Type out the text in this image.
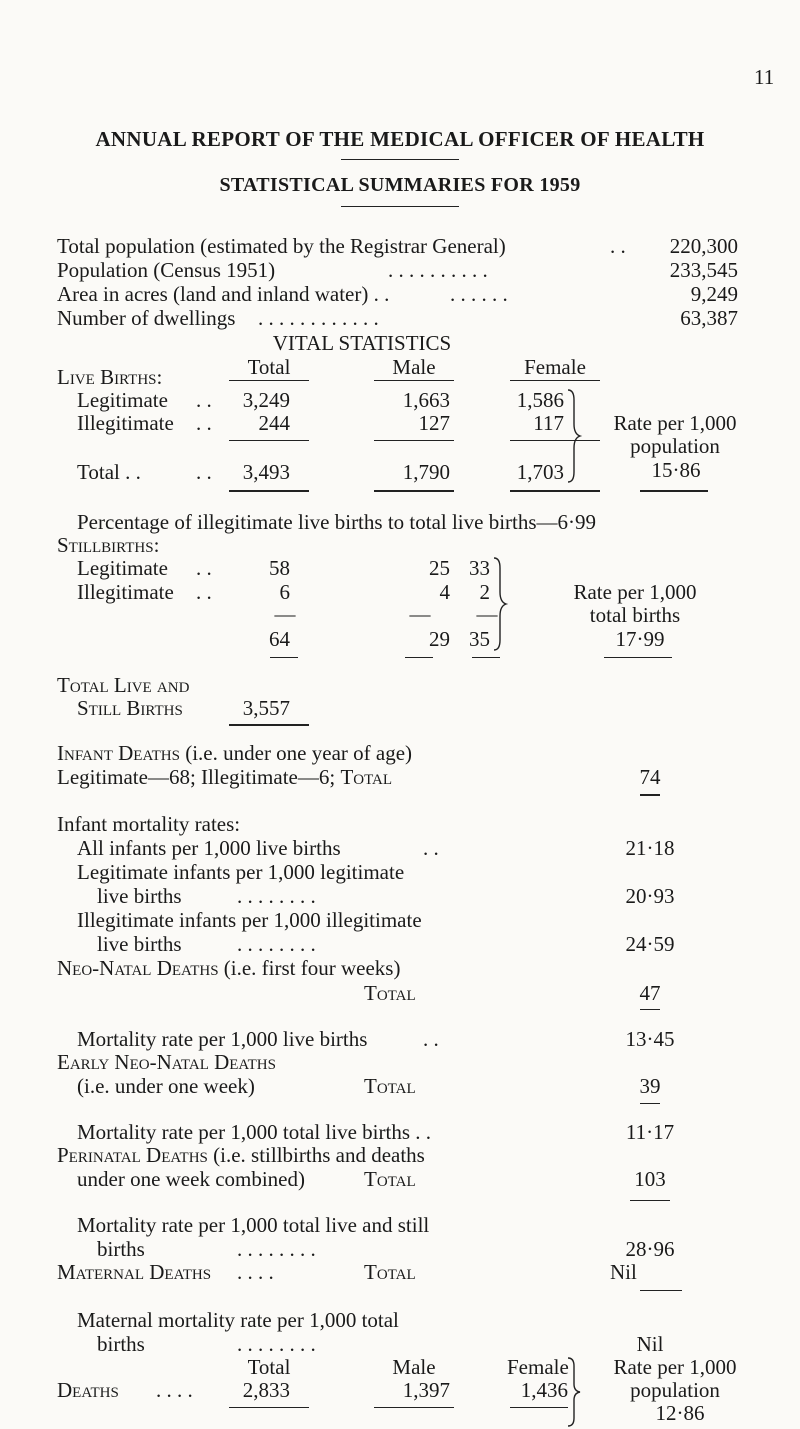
11
ANNUAL REPORT OF THE MEDICAL OFFICER OF HEALTH
STATISTICAL SUMMARIES FOR 1959
Total population (estimated by the Registrar General)	. . 220,300
Population (Census 1951)	. . . . . . . . . .	233,545
Area in acres (land and inland water) . .	. . . . . .	9,249
Number of dwellings . . . . . . . . . . . .	63,387
VITAL STATISTICS
Total	Male	Female
Live Births:
Legitimate . . 3,249	1,663	1,586
Illegitimate . . 244	127	117
Total . .	. . 3,493	1,790	1,703
Rate per 1,000
population
15·86
Percentage of illegitimate live births to total live births—6·99
Stillbirths:
Legitimate . .	58	25 33
Illegitimate . .	6	4 2
—	— —
64	29 35
Rate per 1,000
total births
17·99
Total Live and
Still Births	3,557
Infant Deaths (i.e. under one year of age)
Legitimate—68; Illegitimate—6; Total	74
Infant mortality rates:
All infants per 1,000 live births	. .	21·18
Legitimate infants per 1,000 legitimate
live births	. . . . . . . .	20·93
Illegitimate infants per 1,000 illegitimate
live births	. . . . . . . .	24·59
Neo-Natal Deaths (i.e. first four weeks)
Total	47
Mortality rate per 1,000 live births	. .	13·45
Early Neo-Natal Deaths
(i.e. under one week)	Total	39
Mortality rate per 1,000 total live births . .	11·17
Perinatal Deaths (i.e. stillbirths and deaths
under one week combined)	Total	103
Mortality rate per 1,000 total live and still
births	. . . . . . . .	28·96
Maternal Deaths . . . .	Total	Nil
Maternal mortality rate per 1,000 total
births	. . . . . . . .	Nil
Total	Male	Female
Deaths . . . . 2,833	1,397	1,436
Rate per 1,000
population
12·86
